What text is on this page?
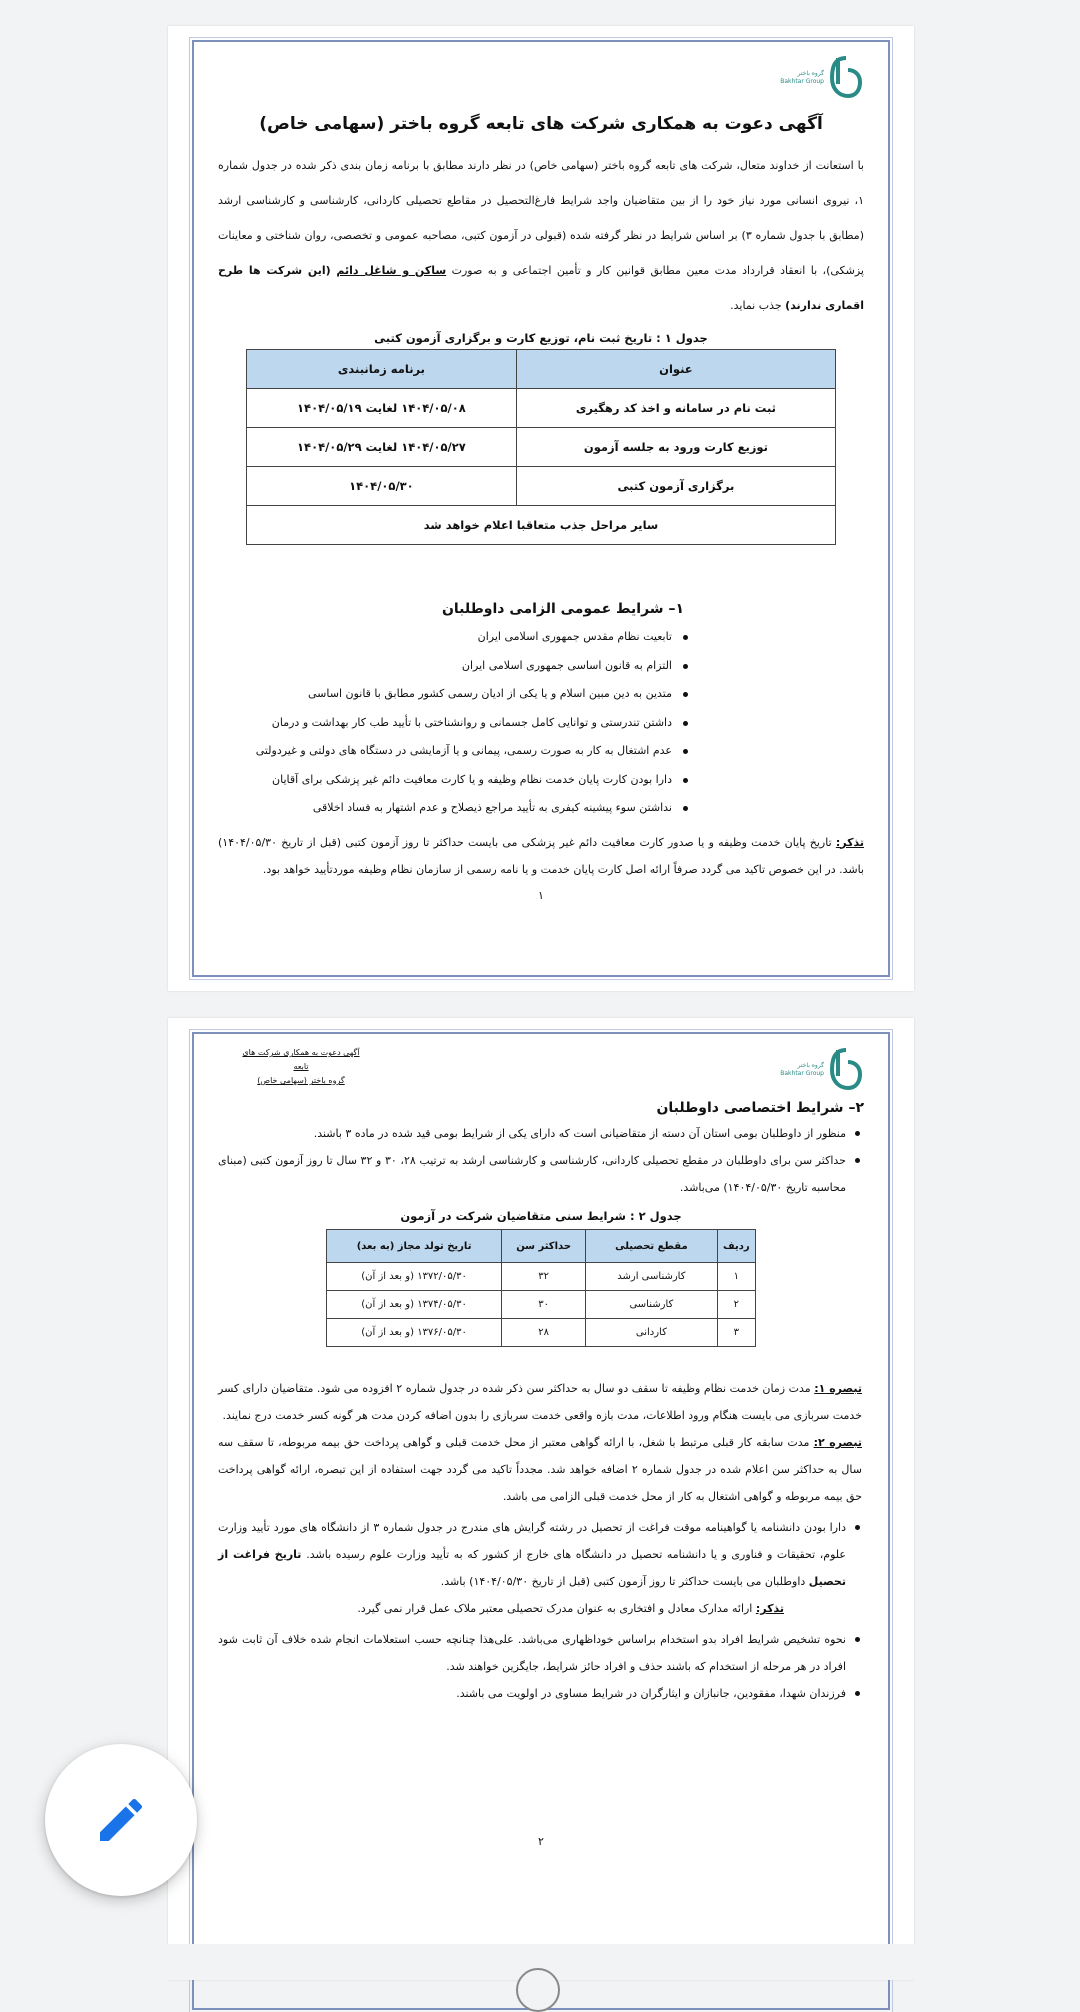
گروه باختر
Bakhtar Group
آگهی دعوت به همکاری شرکت های تابعه گروه باختر (سهامی خاص)
با استعانت از خداوند متعال، شرکت های تابعه گروه باختر (سهامی خاص) در نظر دارند مطابق با برنامه زمان بندی ذکر شده در جدول شماره ۱، نیروی انسانی مورد نیاز خود را از بین متقاضیان واجد شرایط فارغ‌التحصیل در مقاطع تحصیلی کاردانی، کارشناسی و کارشناسی ارشد (مطابق با جدول شماره ۳) بر اساس شرایط در نظر گرفته شده (قبولی در آزمون کتبی، مصاحبه عمومی و تخصصی، روان شناختی و معاینات پزشکی)، با انعقاد قرارداد مدت معین مطابق قوانین کار و تأمین اجتماعی و به صورت ساکن و شاغل دائم (این شرکت ها طرح اقماری ندارند) جذب نماید.
جدول ۱ : تاریخ ثبت نام، توزیع کارت و برگزاری آزمون کتبی
عنوان	برنامه زمانبندی
ثبت نام در سامانه و اخذ کد رهگیری	۱۴۰۴/۰۵/۰۸ لغایت ۱۴۰۴/۰۵/۱۹
توزیع کارت ورود به جلسه آزمون	۱۴۰۴/۰۵/۲۷ لغایت ۱۴۰۴/۰۵/۲۹
برگزاری آزمون کتبی	۱۴۰۴/۰۵/۳۰
سایر مراحل جذب متعاقبا اعلام خواهد شد	
۱– شرایط عمومی الزامی داوطلبان
تابعیت نظام مقدس جمهوری اسلامی ایران
التزام به قانون اساسی جمهوری اسلامی ایران
متدین به دین مبین اسلام و یا یکی از ادیان رسمی کشور مطابق با قانون اساسی
داشتن تندرستی و توانایی کامل جسمانی و روانشناختی با تأیید طب کار بهداشت و درمان
عدم اشتغال به کار به صورت رسمی، پیمانی و یا آزمایشی در دستگاه های دولتی و غیردولتی
دارا بودن کارت پایان خدمت نظام وظیفه و یا کارت معافیت دائم غیر پزشکی برای آقایان
نداشتن سوء پیشینه کیفری به تأیید مراجع ذیصلاح و عدم اشتهار به فساد اخلاقی
تذکر: تاریخ پایان خدمت وظیفه و یا صدور کارت معافیت دائم غیر پزشکی می بایست حداکثر تا روز آزمون کتبی (قبل از تاریخ ۱۴۰۴/۰۵/۳۰) باشد. در این خصوص تاکید می گردد صرفاً ارائه اصل کارت پایان خدمت و یا نامه رسمی از سازمان نظام وظیفه موردتأیید خواهد بود.
۱
گروه باختر
Bakhtar Group
آگهی دعوت به همکاری شرکت های تابعه
گروه باختر (سهامی خاص)
۲– شرایط اختصاصی داوطلبان
منظور از داوطلبان بومی استان آن دسته از متقاضیانی است که دارای یکی از شرایط بومی قید شده در ماده ۳ باشند.
حداکثر سن برای داوطلبان در مقطع تحصیلی کاردانی، کارشناسی و کارشناسی ارشد به ترتیب ۲۸، ۳۰ و ۳۲ سال تا روز آزمون کتبی (مبنای محاسبه تاریخ ۱۴۰۴/۰۵/۳۰) می‌باشد.
جدول ۲ : شرایط سنی متقاضیان شرکت در آزمون
ردیف	مقطع تحصیلی	حداکثر سن	تاریخ تولد مجاز (به بعد)
۱	کارشناسی ارشد	۳۲	۱۳۷۲/۰۵/۳۰ (و بعد از آن)
۲	کارشناسی	۳۰	۱۳۷۴/۰۵/۳۰ (و بعد از آن)
۳	کاردانی	۲۸	۱۳۷۶/۰۵/۳۰ (و بعد از آن)
تبصره ۱: مدت زمان خدمت نظام وظیفه تا سقف دو سال به حداکثر سن ذکر شده در جدول شماره ۲ افزوده می شود. متقاضیان دارای کسر خدمت سربازی می بایست هنگام ورود اطلاعات، مدت بازه واقعی خدمت سربازی را بدون اضافه کردن مدت هر گونه کسر خدمت درج نمایند.
تبصره ۲: مدت سابقه کار قبلی مرتبط با شغل، با ارائه گواهی معتبر از محل خدمت قبلی و گواهی پرداخت حق بیمه مربوطه، تا سقف سه سال به حداکثر سن اعلام شده در جدول شماره ۲ اضافه خواهد شد. مجدداً تاکید می گردد جهت استفاده از این تبصره، ارائه گواهی پرداخت حق بیمه مربوطه و گواهی اشتغال به کار از محل خدمت قبلی الزامی می باشد.
دارا بودن دانشنامه یا گواهینامه موقت فراغت از تحصیل در رشته گرایش های مندرج در جدول شماره ۳ از دانشگاه های مورد تأیید وزارت علوم، تحقیقات و فناوری و یا دانشنامه تحصیل در دانشگاه های خارج از کشور که به تأیید وزارت علوم رسیده باشد. تاریخ فراغت از تحصیل داوطلبان می بایست حداکثر تا روز آزمون کتبی (قبل از تاریخ ۱۴۰۴/۰۵/۳۰) باشد.
تذکر: ارائه مدارک معادل و افتخاری به عنوان مدرک تحصیلی معتبر ملاک عمل قرار نمی گیرد.
نحوه تشخیص شرایط افراد بدو استخدام براساس خوداظهاری می‌باشد. علی‌هذا چنانچه حسب استعلامات انجام شده خلاف آن ثابت شود افراد در هر مرحله از استخدام که باشند حذف و افراد حائز شرایط، جایگزین خواهند شد.
فرزندان شهدا، مفقودین، جانبازان و ایثارگران در شرایط مساوی در اولویت می باشند.
۲
